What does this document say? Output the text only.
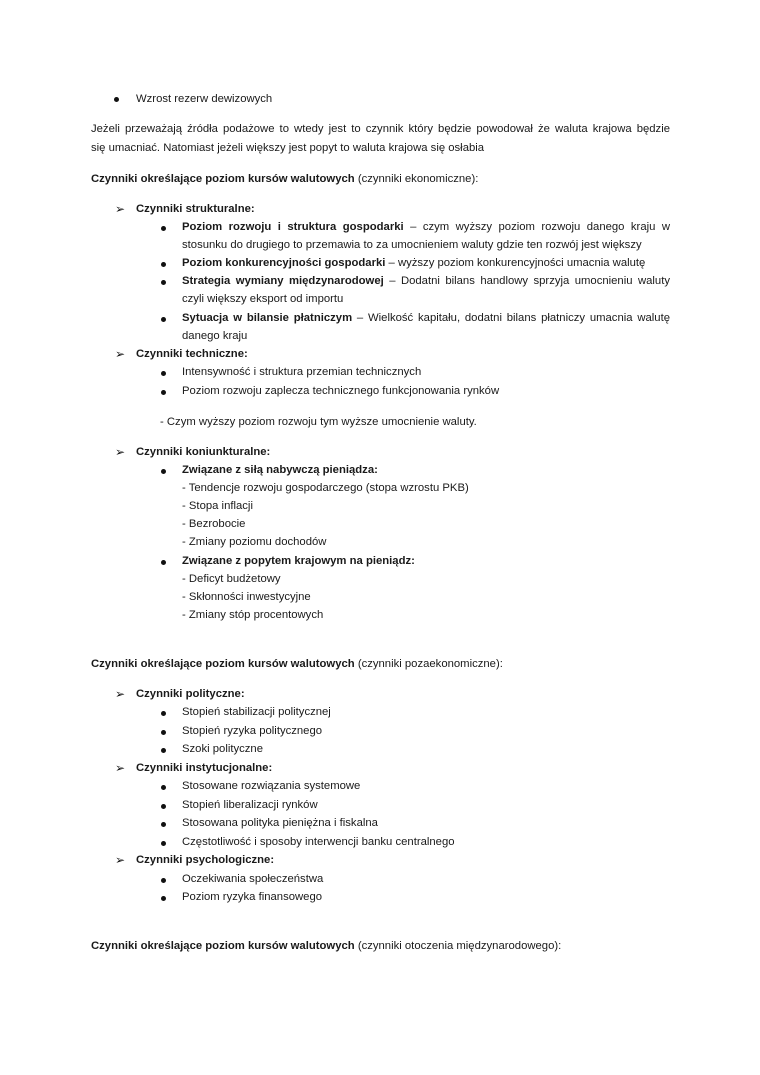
Wzrost rezerw dewizowych
Jeżeli przeważają źródła podażowe to wtedy jest to czynnik który będzie powodował że waluta krajowa będzie
się umacniać. Natomiast jeżeli większy jest popyt to waluta krajowa się osłabia
Czynniki określające poziom kursów walutowych (czynniki ekonomiczne):
➢ Czynniki strukturalne:
Poziom rozwoju i struktura gospodarki – czym wyższy poziom rozwoju danego kraju w
stosunku do drugiego to przemawia to za umocnieniem waluty gdzie ten rozwój jest większy
Poziom konkurencyjności gospodarki – wyższy poziom konkurencyjności umacnia walutę
Strategia wymiany międzynarodowej – Dodatni bilans handlowy sprzyja umocnieniu waluty
czyli większy eksport od importu
Sytuacja w bilansie płatniczym – Wielkość kapitału, dodatni bilans płatniczy umacnia walutę
danego kraju
➢ Czynniki techniczne:
Intensywność i struktura przemian technicznych
Poziom rozwoju zaplecza technicznego funkcjonowania rynków
- Czym wyższy poziom rozwoju tym wyższe umocnienie waluty.
➢ Czynniki koniunkturalne:
Związane z siłą nabywczą pieniądza:
- Tendencje rozwoju gospodarczego (stopa wzrostu PKB)
- Stopa inflacji
- Bezrobocie
- Zmiany poziomu dochodów
Związane z popytem krajowym na pieniądz:
- Deficyt budżetowy
- Skłonności inwestycyjne
- Zmiany stóp procentowych
Czynniki określające poziom kursów walutowych (czynniki pozaekonomiczne):
➢ Czynniki polityczne:
Stopień stabilizacji politycznej
Stopień ryzyka politycznego
Szoki polityczne
➢ Czynniki instytucjonalne:
Stosowane rozwiązania systemowe
Stopień liberalizacji rynków
Stosowana polityka pieniężna i fiskalna
Częstotliwość i sposoby interwencji banku centralnego
➢ Czynniki psychologiczne:
Oczekiwania społeczeństwa
Poziom ryzyka finansowego
Czynniki określające poziom kursów walutowych (czynniki otoczenia międzynarodowego):
